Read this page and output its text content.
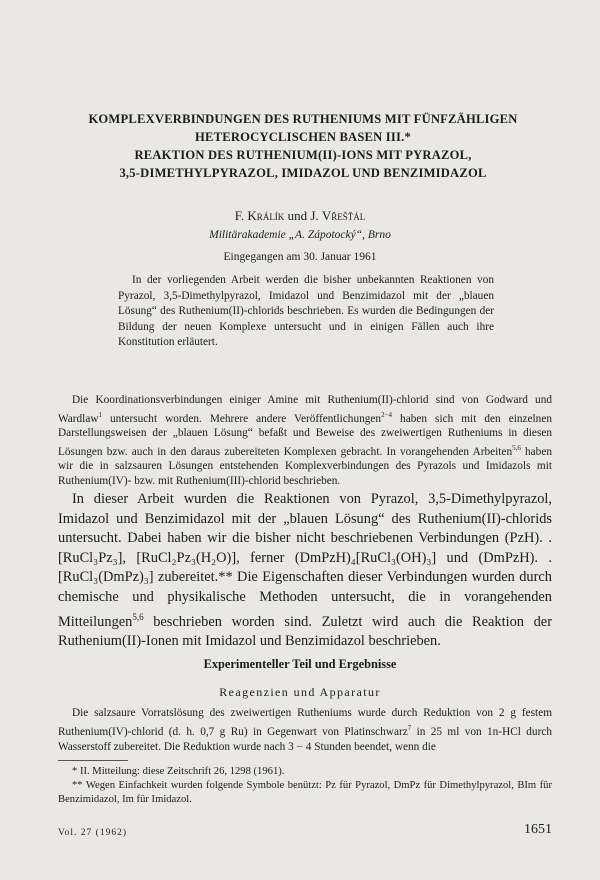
KOMPLEXVERBINDUNGEN DES RUTHENIUMS MIT FÜNFZÄHLIGEN
HETEROCYCLISCHEN BASEN III.*
REAKTION DES RUTHENIUM(II)-IONS MIT PYRAZOL,
3,5-DIMETHYLPYRAZOL, IMIDAZOL UND BENZIMIDAZOL
F. Králík und J. Vřešťál
Militärakademie „A. Zápotocký“, Brno
Eingegangen am 30. Januar 1961

In der vorliegenden Arbeit werden die bisher unbekannten Reaktionen von Pyrazol, 3,5-Dimethylpyrazol, Imidazol und Benzimidazol mit der „blauen Lösung“ des Ruthenium(II)-chlorids beschrieben. Es wurden die Bedingungen der Bildung der neuen Komplexe untersucht und in einigen Fällen auch ihre Konstitution erläutert.

Die Koordinationsverbindungen einiger Amine mit Ruthenium(II)-chlorid sind von Godward und Wardlaw$^1$ untersucht worden. Mehrere andere Veröffentlichungen$^{2-4}$ haben sich mit den einzelnen Darstellungsweisen der „blauen Lösung“ befaßt und Beweise des zweiwertigen Rutheniums in diesen Lösungen bzw. auch in den daraus zubereiteten Komplexen gebracht. In vorangehenden Arbeiten$^{5,6}$ haben wir die in salzsauren Lösungen entstehenden Komplexverbindungen des Pyrazols und Imidazols mit Ruthenium(IV)- bzw. mit Ruthenium(III)-chlorid beschrieben.

In dieser Arbeit wurden die Reaktionen von Pyrazol, 3,5-Dimethylpyrazol, Imidazol und Benzimidazol mit der „blauen Lösung“ des Ruthenium(II)-chlorids untersucht. Dabei haben wir die bisher nicht beschriebenen Verbindungen (PzH). .[RuCl₃Pz₃], [RuCl₂Pz₃(H₂O)], ferner (DmPzH)₄[RuCl₃(OH)₃] und (DmPzH). .[RuCl₃(DmPz)₃] zubereitet.** Die Eigenschaften dieser Verbindungen wurden durch chemische und physikalische Methoden untersucht, die in vorangehenden Mitteilungen$^{5,6}$ beschrieben worden sind. Zuletzt wird auch die Reaktion der Ruthenium(II)-Ionen mit Imidazol und Benzimidazol beschrieben.

Experimenteller Teil und Ergebnisse
Reagenzien und Apparatur

Die salzsaure Vorratslösung des zweiwertigen Rutheniums wurde durch Reduktion von 2 g festem Ruthenium(IV)-chlorid (d. h. 0,7 g Ru) in Gegenwart von Platinschwarz$^7$ in 25 ml von 1n-HCl durch Wasserstoff zubereitet. Die Reduktion wurde nach 3 − 4 Stunden beendet, wenn die

* II. Mitteilung: diese Zeitschrift 26, 1298 (1961).

** Wegen Einfachkeit wurden folgende Symbole benützt: Pz für Pyrazol, DmPz für Dimethylpyrazol, BIm für Benzimidazol, Im für Imidazol.

Vol. 27 (1962)	1651
